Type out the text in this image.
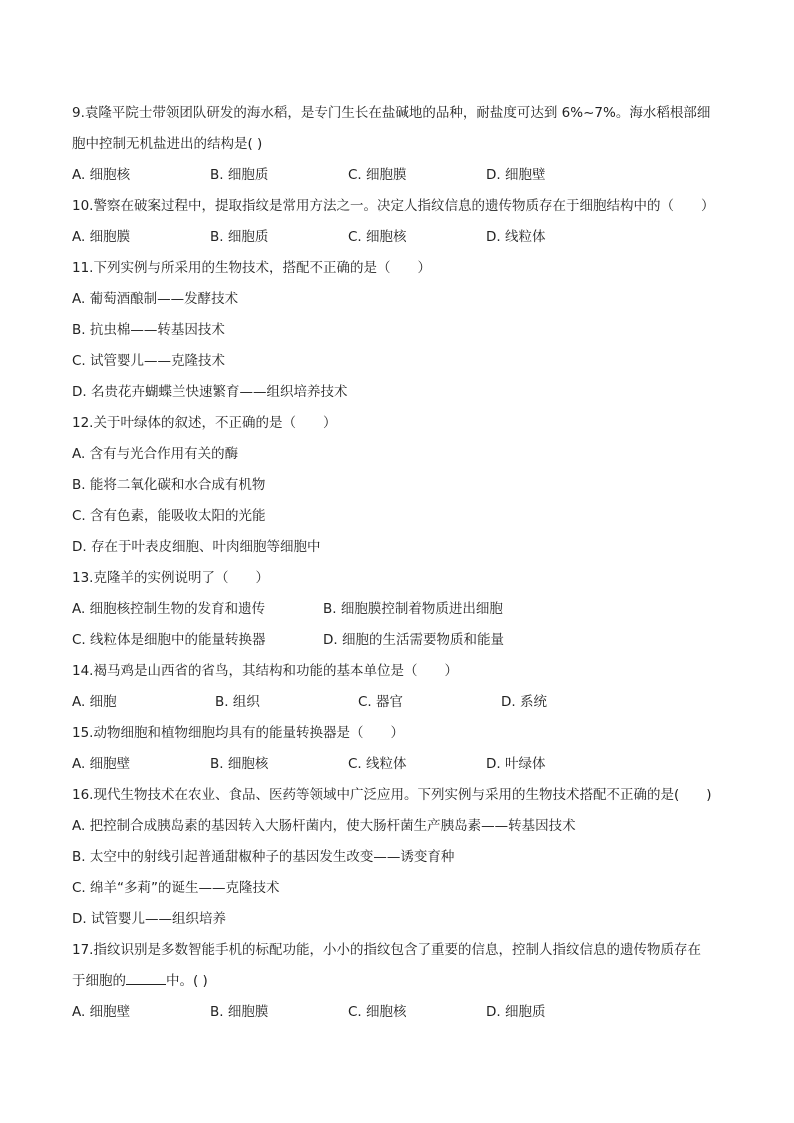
9.袁隆平院士带领团队研发的海水稻，是专门生长在盐碱地的品种，耐盐度可达到 6%~7%。海水稻根部细
胞中控制无机盐进出的结构是( )
A. 细胞核	B. 细胞质	C. 细胞膜	D. 细胞壁
10.警察在破案过程中，提取指纹是常用方法之一。决定人指纹信息的遗传物质存在于细胞结构中的（　　）
A. 细胞膜	B. 细胞质	C. 细胞核	D. 线粒体
11.下列实例与所采用的生物技术，搭配不正确的是（　　）
A. 葡萄酒酿制——发酵技术
B. 抗虫棉——转基因技术
C. 试管婴儿——克隆技术
D. 名贵花卉蝴蝶兰快速繁育——组织培养技术
12.关于叶绿体的叙述，不正确的是（　　）
A. 含有与光合作用有关的酶
B. 能将二氧化碳和水合成有机物
C. 含有色素，能吸收太阳的光能
D. 存在于叶表皮细胞、叶肉细胞等细胞中
13.克隆羊的实例说明了（　　）
A. 细胞核控制生物的发育和遗传	B. 细胞膜控制着物质进出细胞
C. 线粒体是细胞中的能量转换器	D. 细胞的生活需要物质和能量
14.褐马鸡是山西省的省鸟，其结构和功能的基本单位是（　　）
A. 细胞	B. 组织	C. 器官	D. 系统
15.动物细胞和植物细胞均具有的能量转换器是（　　）
A. 细胞壁	B. 细胞核	C. 线粒体	D. 叶绿体
16.现代生物技术在农业、食品、医药等领域中广泛应用。下列实例与采用的生物技术搭配不正确的是(　　)
A. 把控制合成胰岛素的基因转入大肠杆菌内，使大肠杆菌生产胰岛素——转基因技术
B. 太空中的射线引起普通甜椒种子的基因发生改变——诱变育种
C. 绵羊“多莉”的诞生——克隆技术
D. 试管婴儿——组织培养
17.指纹识别是多数智能手机的标配功能，小小的指纹包含了重要的信息，控制人指纹信息的遗传物质存在
于细胞的	中。( )
A. 细胞壁	B. 细胞膜	C. 细胞核	D. 细胞质
